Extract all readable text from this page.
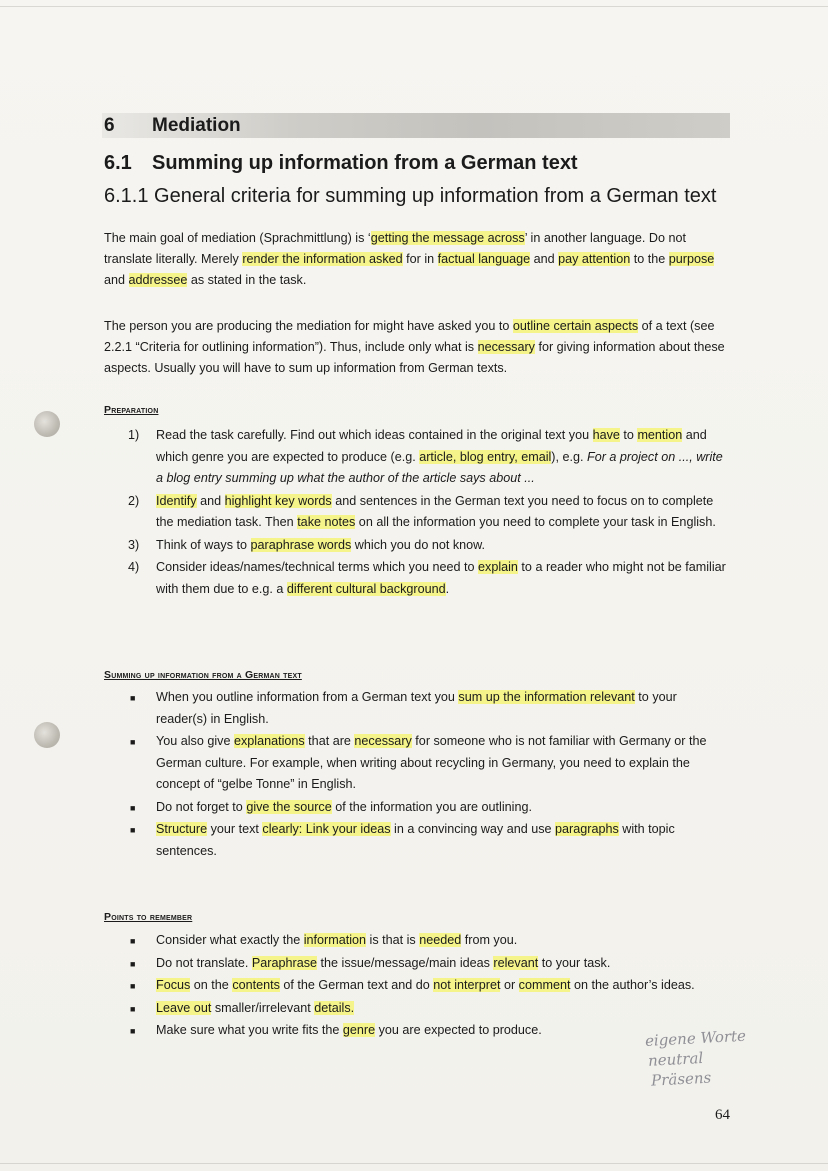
6 Mediation
6.1 Summing up information from a German text
6.1.1 General criteria for summing up information from a German text
The main goal of mediation (Sprachmittlung) is ‘getting the message across’ in another language. Do not translate literally. Merely render the information asked for in factual language and pay attention to the purpose and addressee as stated in the task.
The person you are producing the mediation for might have asked you to outline certain aspects of a text (see 2.2.1 “Criteria for outlining information”). Thus, include only what is necessary for giving information about these aspects. Usually you will have to sum up information from German texts.
Preparation
1) Read the task carefully. Find out which ideas contained in the original text you have to mention and which genre you are expected to produce (e.g. article, blog entry, email), e.g. For a project on ..., write a blog entry summing up what the author of the article says about ...
2) Identify and highlight key words and sentences in the German text you need to focus on to complete the mediation task. Then take notes on all the information you need to complete your task in English.
3) Think of ways to paraphrase words which you do not know.
4) Consider ideas/names/technical terms which you need to explain to a reader who might not be familiar with them due to e.g. a different cultural background.
Summing up information from a German text
■ When you outline information from a German text you sum up the information relevant to your reader(s) in English.
■ You also give explanations that are necessary for someone who is not familiar with Germany or the German culture. For example, when writing about recycling in Germany, you need to explain the concept of “gelbe Tonne” in English.
■ Do not forget to give the source of the information you are outlining.
■ Structure your text clearly: Link your ideas in a convincing way and use paragraphs with topic sentences.
Points to remember
■ Consider what exactly the information is that is needed from you.
■ Do not translate. Paraphrase the issue/message/main ideas relevant to your task.
■ Focus on the contents of the German text and do not interpret or comment on the author’s ideas.
■ Leave out smaller/irrelevant details.
■ Make sure what you write fits the genre you are expected to produce.	eigene Worte
neutral
Präsens
64
